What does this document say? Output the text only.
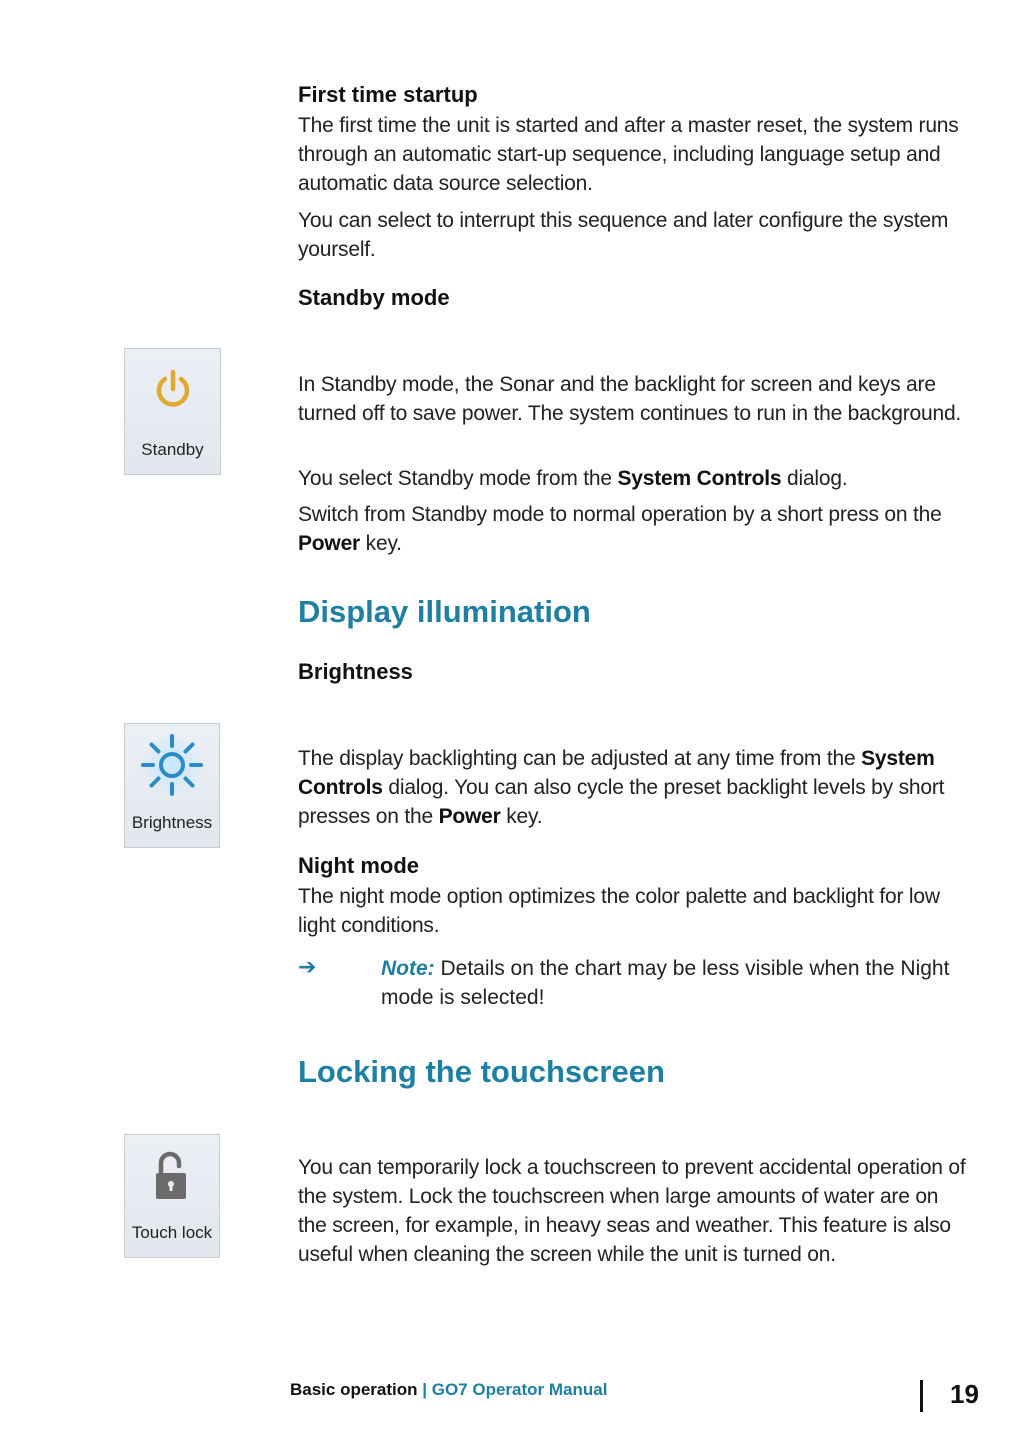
First time startup
The first time the unit is started and after a master reset, the system runs through an automatic start-up sequence, including language setup and automatic data source selection.
You can select to interrupt this sequence and later configure the system yourself.
Standby mode
Standby
In Standby mode, the Sonar and the backlight for screen and keys are turned off to save power. The system continues to run in the background.
You select Standby mode from the System Controls dialog.
Switch from Standby mode to normal operation by a short press on the Power key.
Display illumination
Brightness
Brightness
The display backlighting can be adjusted at any time from the System Controls dialog. You can also cycle the preset backlight levels by short presses on the Power key.
Night mode
The night mode option optimizes the color palette and backlight for low light conditions.
➔	Note: Details on the chart may be less visible when the Night mode is selected!
Locking the touchscreen
Touch lock
You can temporarily lock a touchscreen to prevent accidental operation of the system. Lock the touchscreen when large amounts of water are on the screen, for example, in heavy seas and weather. This feature is also useful when cleaning the screen while the unit is turned on.
Basic operation | GO7 Operator Manual	19
